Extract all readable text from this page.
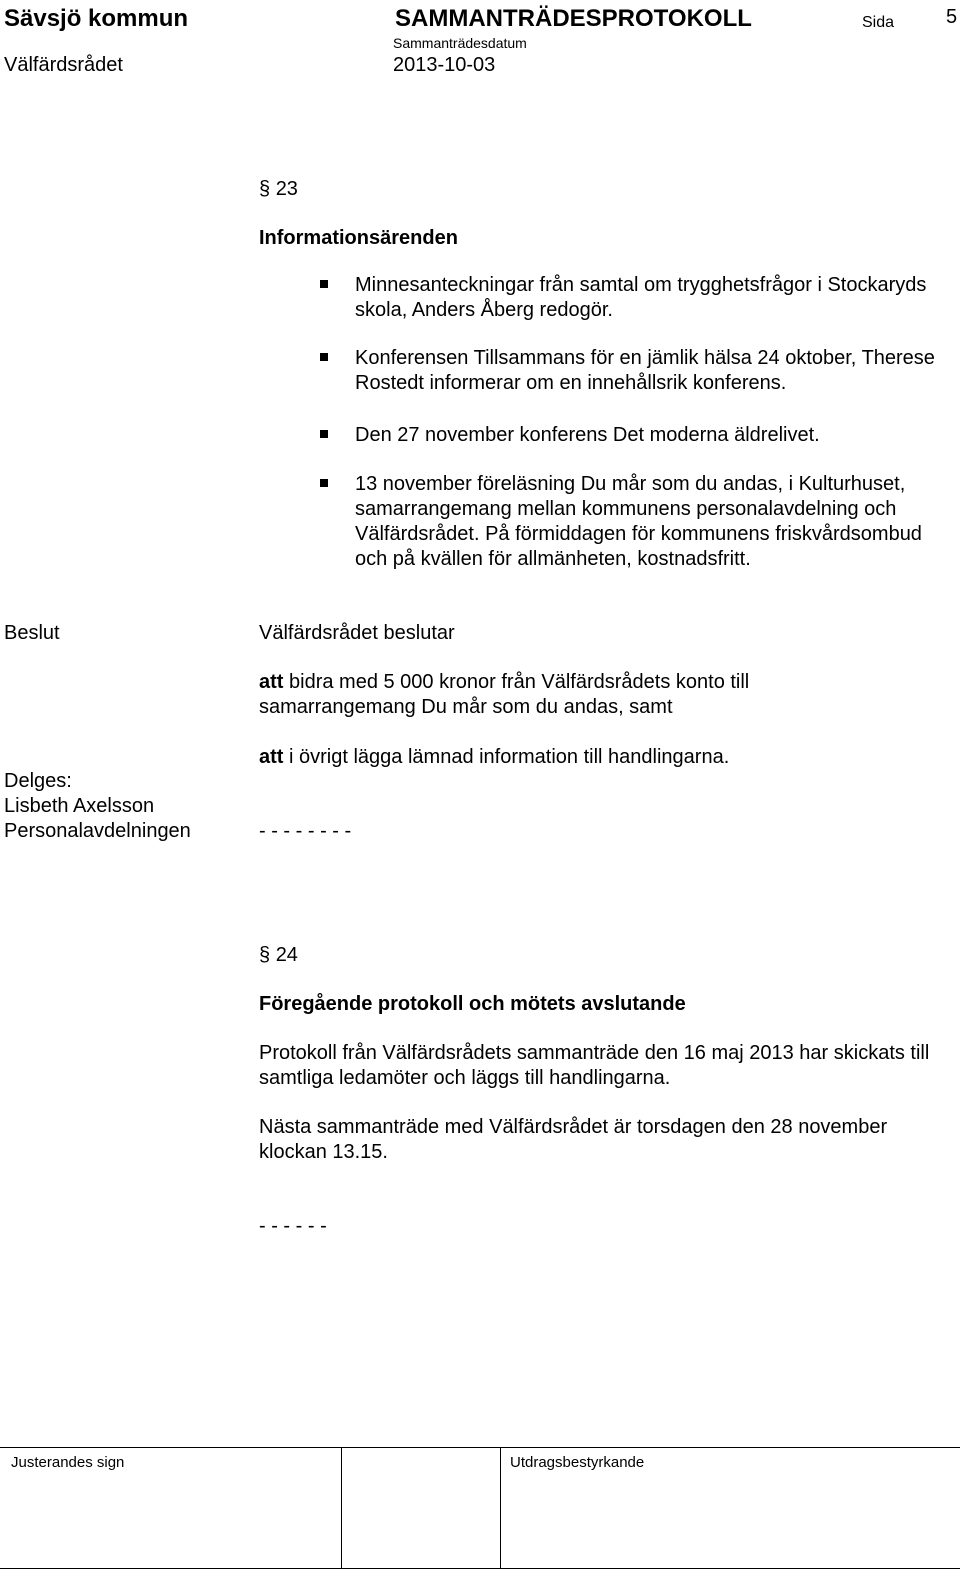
Sävsjö kommun	SAMMANTRÄDESPROTOKOLL	Sida	5
Välfärdsrådet
Sammanträdesdatum
2013-10-03
§ 23
Informationsärenden
Minnesanteckningar från samtal om trygghetsfrågor i Stockaryds skola, Anders Åberg redogör.
Konferensen Tillsammans för en jämlik hälsa 24 oktober, Therese Rostedt informerar om en innehållsrik konferens.
Den 27 november konferens Det moderna äldrelivet.
13 november föreläsning Du mår som du andas, i Kulturhuset, samarrangemang mellan kommunens personalavdelning och Välfärdsrådet. På förmiddagen för kommunens friskvårdsombud och på kvällen för allmänheten, kostnadsfritt.
Beslut	Välfärdsrådet beslutar
att bidra med 5 000 kronor från Välfärdsrådets konto till samarrangemang Du mår som du andas, samt
att i övrigt lägga lämnad information till handlingarna.
Delges:
Lisbeth Axelsson
Personalavdelningen	- - - - - - - -
§ 24
Föregående protokoll och mötets avslutande
Protokoll från Välfärdsrådets sammanträde den 16 maj 2013 har skickats till samtliga ledamöter och läggs till handlingarna.
Nästa sammanträde med Välfärdsrådet är torsdagen den 28 november klockan 13.15.
- - - - - -
Justerandes sign	Utdragsbestyrkande
